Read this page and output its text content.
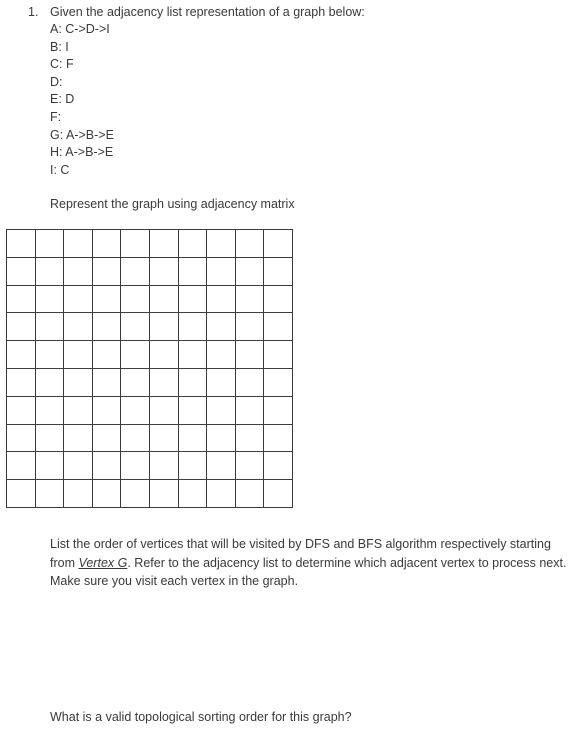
1. Given the adjacency list representation of a graph below:
A: C->D->I
B: I
C: F
D:
E: D
F:
G: A->B->E
H: A->B->E
I: C
Represent the graph using adjacency matrix

List the order of vertices that will be visited by DFS and BFS algorithm respectively starting from Vertex G. Refer to the adjacency list to determine which adjacent vertex to process next. Make sure you visit each vertex in the graph.

What is a valid topological sorting order for this graph?
